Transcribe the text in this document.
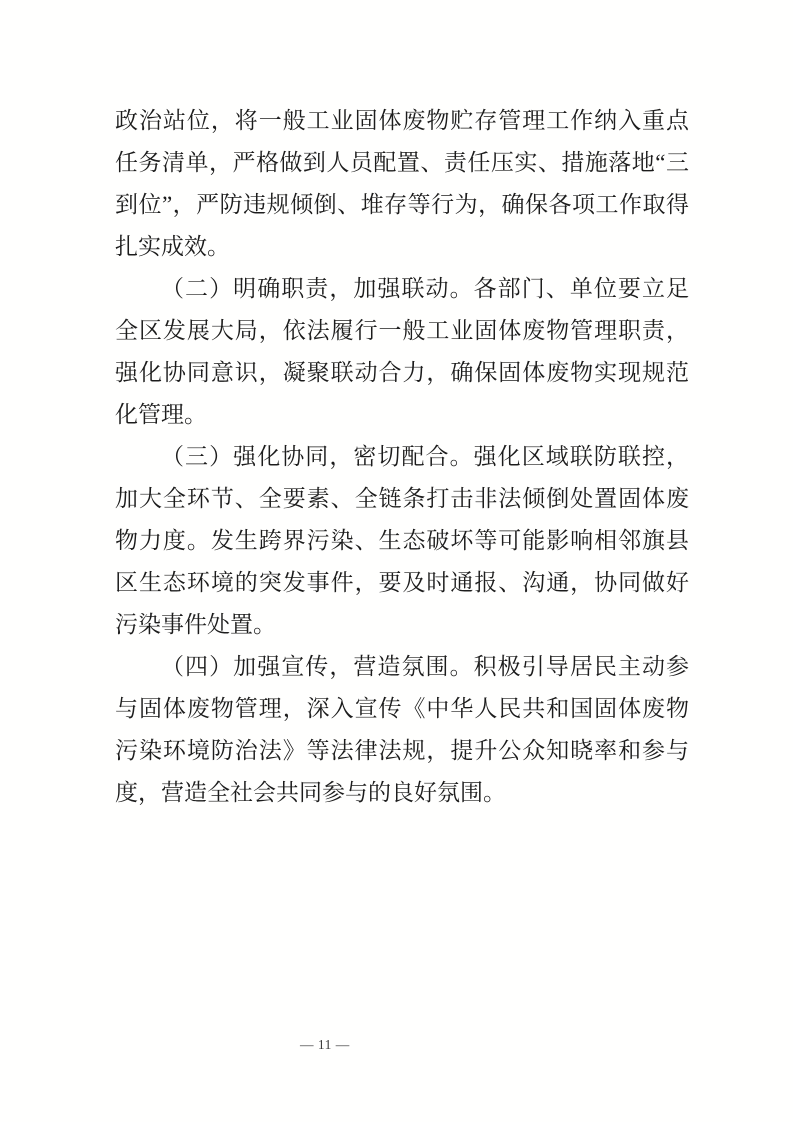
政治站位，将一般工业固体废物贮存管理工作纳入重点任务清单，严格做到人员配置、责任压实、措施落地“三到位”，严防违规倾倒、堆存等行为，确保各项工作取得扎实成效。

（二）明确职责，加强联动。各部门、单位要立足全区发展大局，依法履行一般工业固体废物管理职责，强化协同意识，凝聚联动合力，确保固体废物实现规范化管理。

（三）强化协同，密切配合。强化区域联防联控，加大全环节、全要素、全链条打击非法倾倒处置固体废物力度。发生跨界污染、生态破坏等可能影响相邻旗县区生态环境的突发事件，要及时通报、沟通，协同做好污染事件处置。

（四）加强宣传，营造氛围。积极引导居民主动参与固体废物管理，深入宣传《中华人民共和国固体废物污染环境防治法》等法律法规，提升公众知晓率和参与度，营造全社会共同参与的良好氛围。

— 11 —
